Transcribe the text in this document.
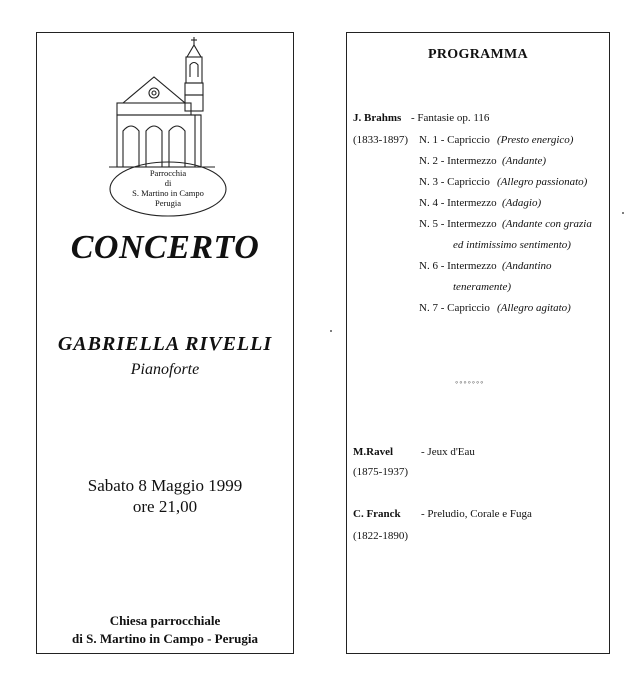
Parrocchia
di
S. Martino in Campo
Perugia
CONCERTO
GABRIELLA RIVELLI
Pianoforte
Sabato 8 Maggio 1999
ore 21,00
Chiesa parrocchiale
di S. Martino in Campo - Perugia
PROGRAMMA
J. Brahms - Fantasie op. 116
(1833-1897) N. 1 - Capriccio (Presto energico)
N. 2 - Intermezzo (Andante)
N. 3 - Capriccio (Allegro passionato)
N. 4 - Intermezzo (Adagio)
N. 5 - Intermezzo (Andante con grazia
ed intimissimo sentimento)
N. 6 - Intermezzo (Andantino
teneramente)
N. 7 - Capriccio (Allegro agitato)
◦◦◦◦◦◦◦
M.Ravel	- Jeux d'Eau
(1875-1937)
C. Franck - Preludio, Corale e Fuga
(1822-1890)
